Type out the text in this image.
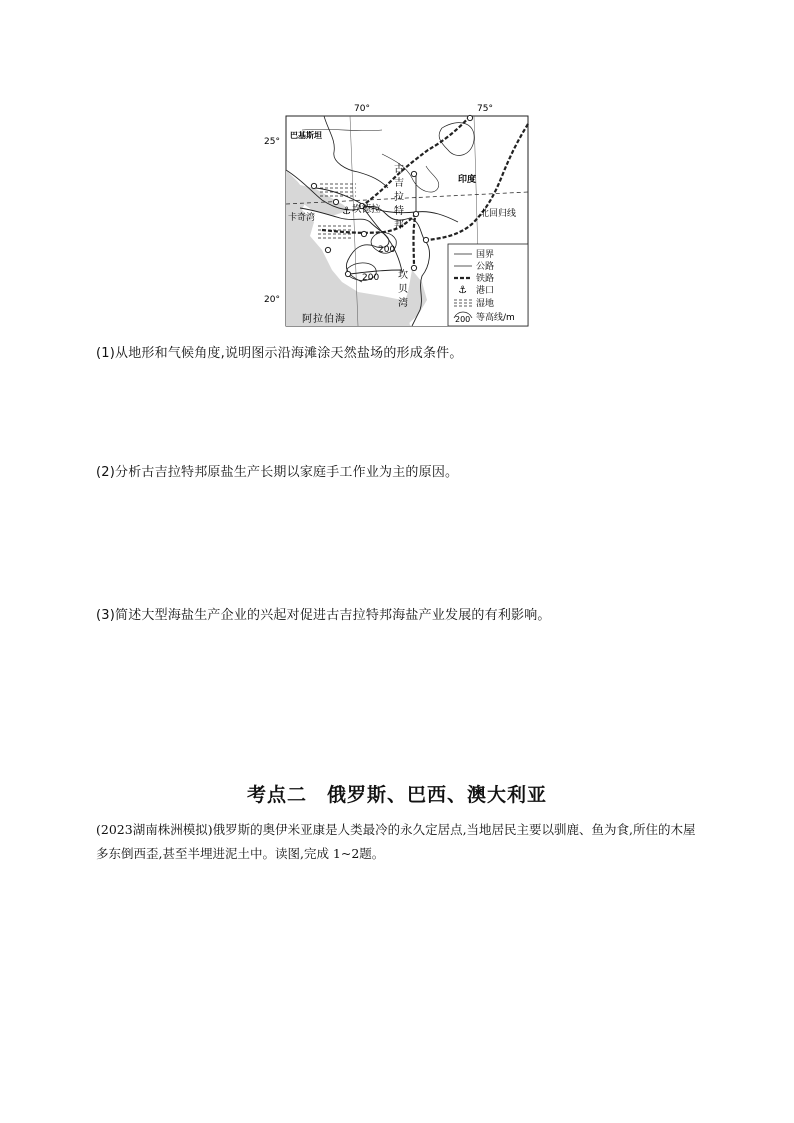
70°	75°
25°
20°
⚓
巴基斯坦
印度
古
吉
拉
特
邦
坎德拉
卡奇湾
坎
贝
湾
阿拉伯海
北回归线
200
200
国界
公路
铁路
⚓ 港口
湿地
200 等高线/m
(1)从地形和气候角度,说明图示沿海滩涂天然盐场的形成条件。
(2)分析古吉拉特邦原盐生产长期以家庭手工作业为主的原因。
(3)简述大型海盐生产企业的兴起对促进古吉拉特邦海盐产业发展的有利影响。
考点二　俄罗斯、巴西、澳大利亚
(2023湖南株洲模拟)俄罗斯的奥伊米亚康是人类最冷的永久定居点,当地居民主要以驯鹿、鱼为食,所住的木屋多东倒西歪,甚至半埋进泥土中。读图,完成 1~2题。
